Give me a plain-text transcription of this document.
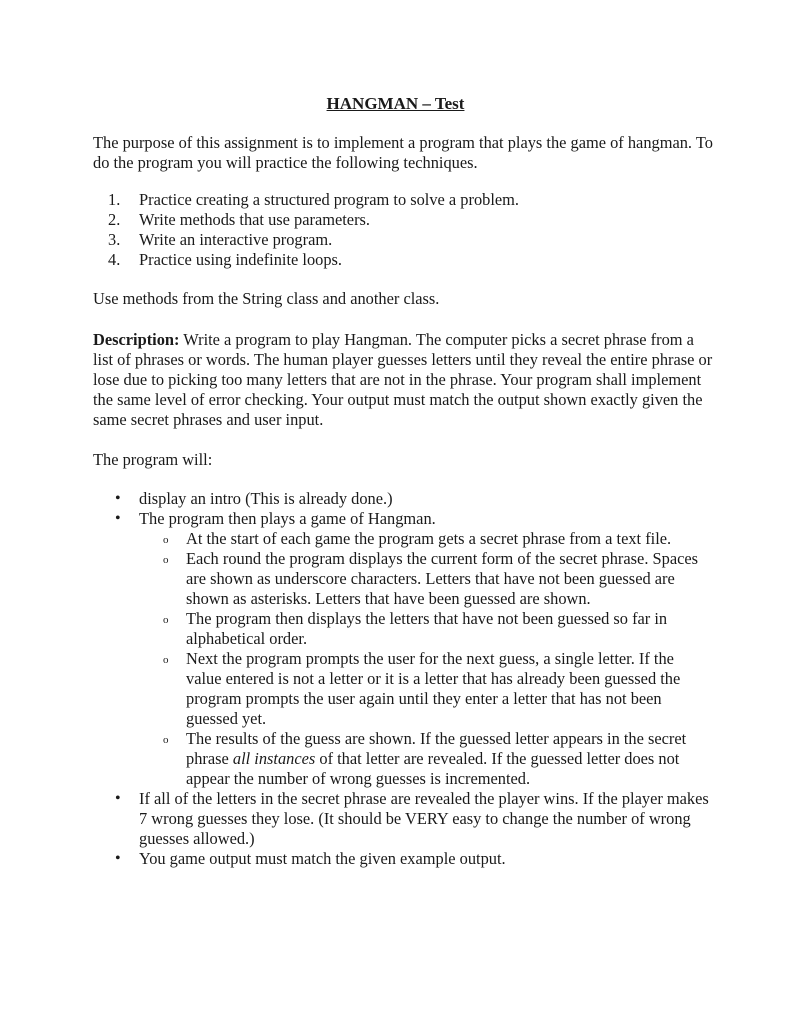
HANGMAN – Test

The purpose of this assignment is to implement a program that plays the game of hangman. To do the program you will practice the following techniques.

1.	Practice creating a structured program to solve a problem.
2.	Write methods that use parameters.
3.	Write an interactive program.
4.	Practice using indefinite loops.

Use methods from the String class and another class.

Description: Write a program to play Hangman. The computer picks a secret phrase from a list of phrases or words. The human player guesses letters until they reveal the entire phrase or lose due to picking too many letters that are not in the phrase. Your program shall implement the same level of error checking. Your output must match the output shown exactly given the same secret phrases and user input.

The program will:

• display an intro (This is already done.)
• The program then plays a game of Hangman.
o At the start of each game the program gets a secret phrase from a text file.
o Each round the program displays the current form of the secret phrase. Spaces are shown as underscore characters. Letters that have not been guessed are shown as asterisks. Letters that have been guessed are shown.
o The program then displays the letters that have not been guessed so far in alphabetical order.
o Next the program prompts the user for the next guess, a single letter. If the value entered is not a letter or it is a letter that has already been guessed the program prompts the user again until they enter a letter that has not been guessed yet.
o The results of the guess are shown. If the guessed letter appears in the secret phrase all instances of that letter are revealed. If the guessed letter does not appear the number of wrong guesses is incremented.
• If all of the letters in the secret phrase are revealed the player wins. If the player makes 7 wrong guesses they lose. (It should be VERY easy to change the number of wrong guesses allowed.)
• You game output must match the given example output.
